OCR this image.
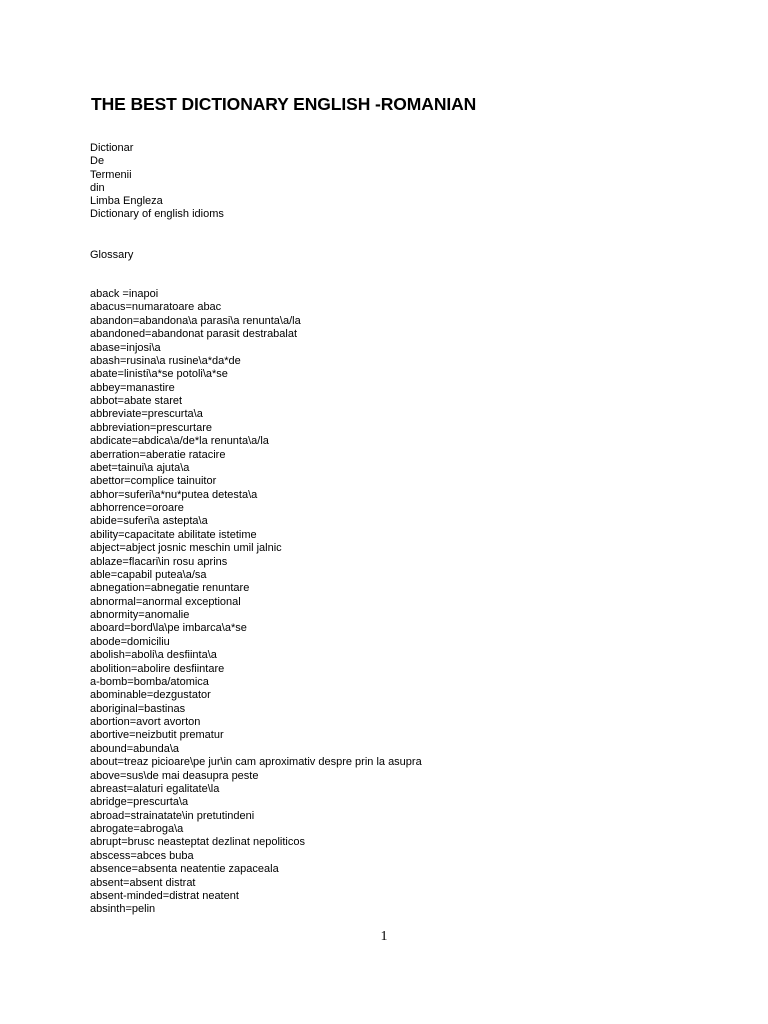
THE BEST DICTIONARY ENGLISH -ROMANIAN
Dictionar
De
Termenii
din
Limba Engleza
Dictionary of english idioms
Glossary
aback =inapoi
abacus=numaratoare abac
abandon=abandona\a parasi\a renunta\a/la
abandoned=abandonat parasit destrabalat
abase=injosi\a
abash=rusina\a rusine\a*da*de
abate=linisti\a*se potoli\a*se
abbey=manastire
abbot=abate staret
abbreviate=prescurta\a
abbreviation=prescurtare
abdicate=abdica\a/de*la renunta\a/la
aberration=aberatie ratacire
abet=tainui\a ajuta\a
abettor=complice tainuitor
abhor=suferi\a*nu*putea detesta\a
abhorrence=oroare
abide=suferi\a astepta\a
ability=capacitate abilitate istetime
abject=abject josnic meschin umil jalnic
ablaze=flacari\in rosu aprins
able=capabil putea\a/sa
abnegation=abnegatie renuntare
abnormal=anormal exceptional
abnormity=anomalie
aboard=bord\la\pe imbarca\a*se
abode=domiciliu
abolish=aboli\a desfiinta\a
abolition=abolire desfiintare
a-bomb=bomba/atomica
abominable=dezgustator
aboriginal=bastinas
abortion=avort avorton
abortive=neizbutit prematur
abound=abunda\a
about=treaz picioare\pe jur\in cam aproximativ despre prin la asupra
above=sus\de mai deasupra peste
abreast=alaturi egalitate\la
abridge=prescurta\a
abroad=strainatate\in pretutindeni
abrogate=abroga\a
abrupt=brusc neasteptat dezlinat nepoliticos
abscess=abces buba
absence=absenta neatentie zapaceala
absent=absent distrat
absent-minded=distrat neatent
absinth=pelin
1
